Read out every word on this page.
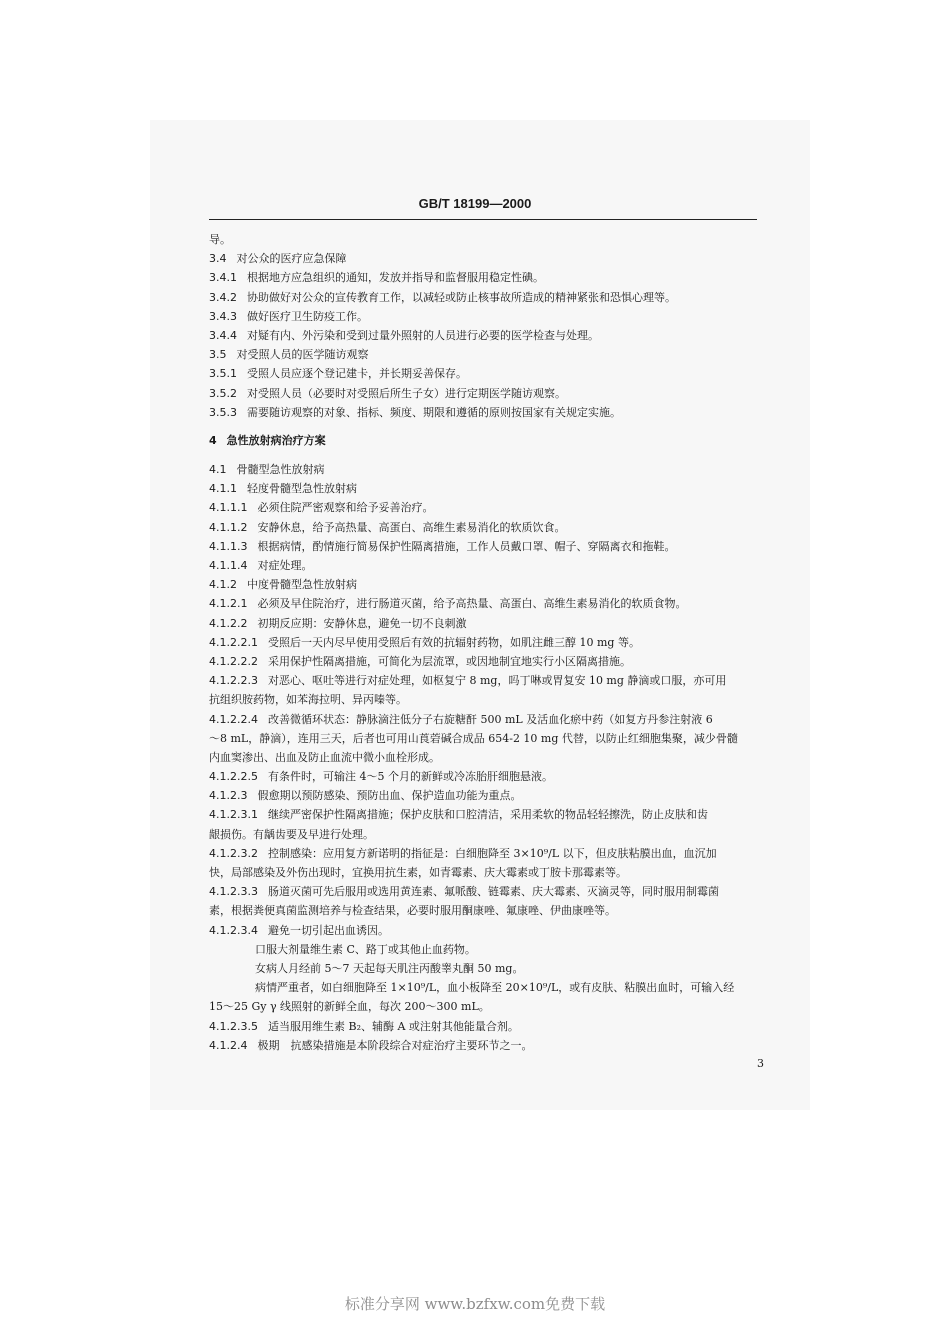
GB/T 18199—2000
导。
3.4 对公众的医疗应急保障
3.4.1 根据地方应急组织的通知，发放并指导和监督服用稳定性碘。
3.4.2 协助做好对公众的宣传教育工作，以减轻或防止核事故所造成的精神紧张和恐惧心理等。
3.4.3 做好医疗卫生防疫工作。
3.4.4 对疑有内、外污染和受到过量外照射的人员进行必要的医学检查与处理。
3.5 对受照人员的医学随访观察
3.5.1 受照人员应逐个登记建卡，并长期妥善保存。
3.5.2 对受照人员（必要时对受照后所生子女）进行定期医学随访观察。
3.5.3 需要随访观察的对象、指标、频度、期限和遵循的原则按国家有关规定实施。
4 急性放射病治疗方案
4.1 骨髓型急性放射病
4.1.1 轻度骨髓型急性放射病
4.1.1.1 必须住院严密观察和给予妥善治疗。
4.1.1.2 安静休息，给予高热量、高蛋白、高维生素易消化的软质饮食。
4.1.1.3 根据病情，酌情施行简易保护性隔离措施，工作人员戴口罩、帽子、穿隔离衣和拖鞋。
4.1.1.4 对症处理。
4.1.2 中度骨髓型急性放射病
4.1.2.1 必须及早住院治疗，进行肠道灭菌，给予高热量、高蛋白、高维生素易消化的软质食物。
4.1.2.2 初期反应期：安静休息，避免一切不良刺激
4.1.2.2.1 受照后一天内尽早使用受照后有效的抗辐射药物，如肌注雌三醇 10 mg 等。
4.1.2.2.2 采用保护性隔离措施，可简化为层流罩，或因地制宜地实行小区隔离措施。
4.1.2.2.3 对恶心、呕吐等进行对症处理，如枢复宁 8 mg，吗丁啉或胃复安 10 mg 静滴或口服，亦可用
抗组织胺药物，如苯海拉明、异丙嗪等。
4.1.2.2.4 改善微循环状态：静脉滴注低分子右旋糖酐 500 mL 及活血化瘀中药（如复方丹参注射液 6
～8 mL，静滴），连用三天，后者也可用山莨菪碱合成品 654-2 10 mg 代替，以防止红细胞集聚，减少骨髓
内血窦渗出、出血及防止血流中微小血栓形成。
4.1.2.2.5 有条件时，可输注 4～5 个月的新鲜或冷冻胎肝细胞悬液。
4.1.2.3 假愈期以预防感染、预防出血、保护造血功能为重点。
4.1.2.3.1 继续严密保护性隔离措施；保护皮肤和口腔清洁，采用柔软的物品轻轻擦洗，防止皮肤和齿
龈损伤。有龋齿要及早进行处理。
4.1.2.3.2 控制感染：应用复方新诺明的指征是：白细胞降至 3×10⁹/L 以下，但皮肤粘膜出血，血沉加
快，局部感染及外伤出现时，宜换用抗生素，如青霉素、庆大霉素或丁胺卡那霉素等。
4.1.2.3.3 肠道灭菌可先后服用或选用黄连素、氟哌酸、链霉素、庆大霉素、灭滴灵等，同时服用制霉菌
素，根据粪便真菌监测培养与检查结果，必要时服用酮康唑、氟康唑、伊曲康唑等。
4.1.2.3.4 避免一切引起出血诱因。
口服大剂量维生素 C、路丁或其他止血药物。
女病人月经前 5～7 天起每天肌注丙酸睾丸酮 50 mg。
病情严重者，如白细胞降至 1×10⁹/L，血小板降至 20×10⁹/L，或有皮肤、粘膜出血时，可输入经
15～25 Gy γ 线照射的新鲜全血，每次 200～300 mL。
4.1.2.3.5 适当服用维生素 B₂、辅酶 A 或注射其他能量合剂。
4.1.2.4 极期　抗感染措施是本阶段综合对症治疗主要环节之一。
3
标准分享网 www.bzfxw.com免费下载
